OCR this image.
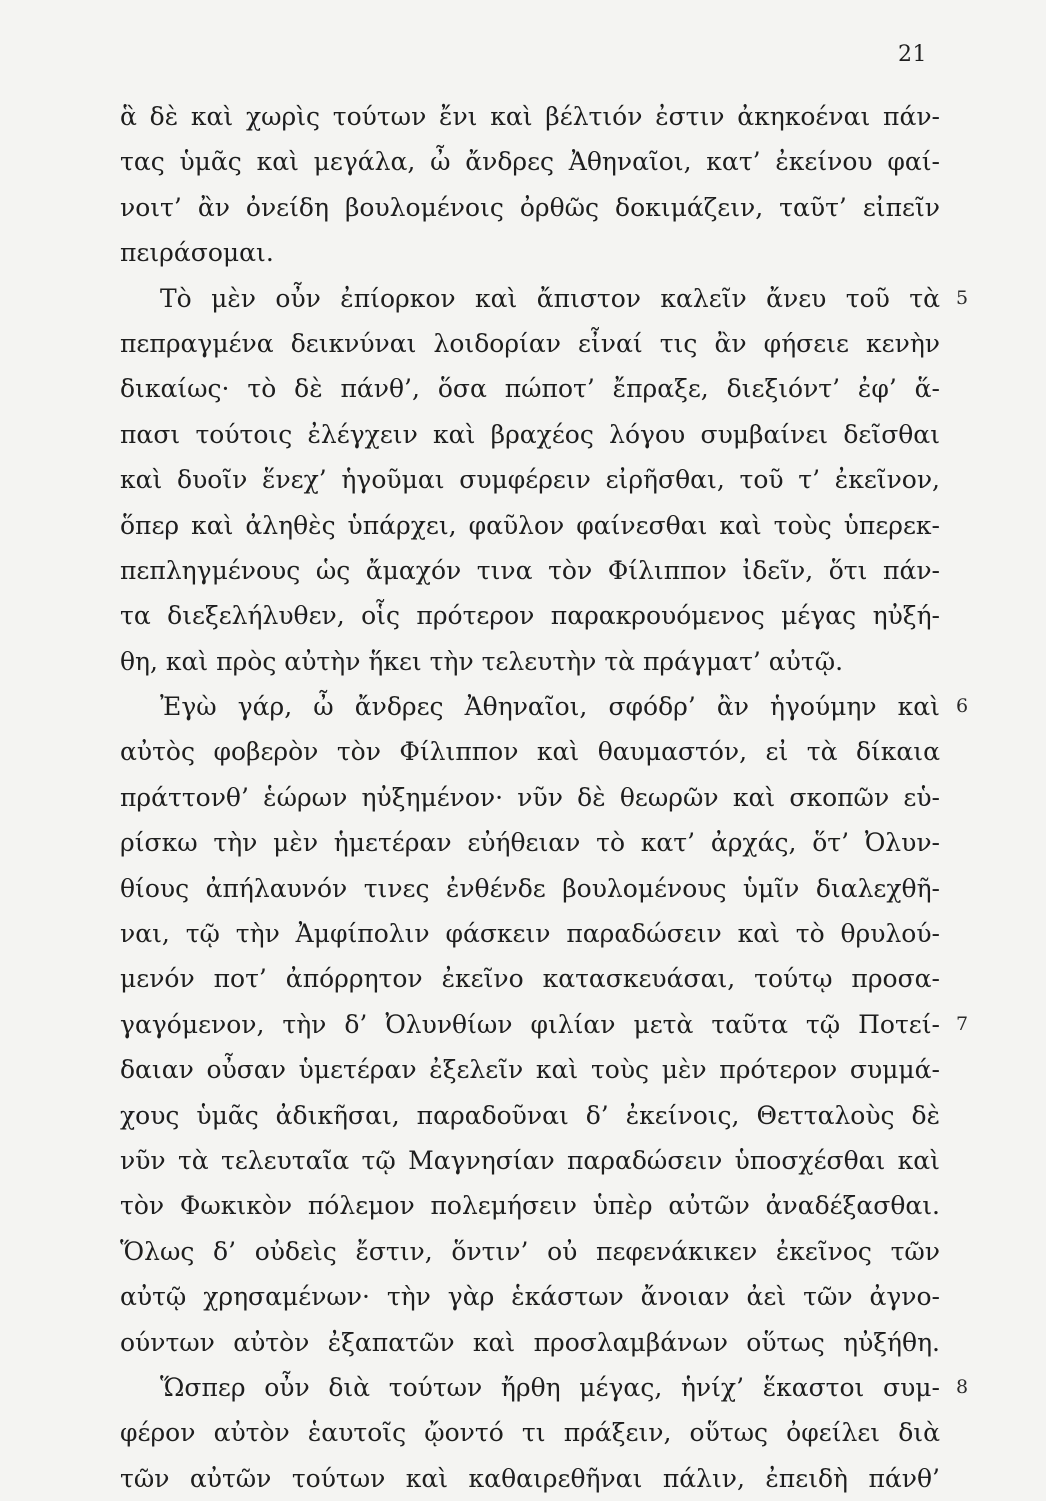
21
ἃ δὲ καὶ χωρὶς τούτων ἔνι καὶ βέλτιόν ἐστιν ἀκηκοέναι πάν-
τας ὑμᾶς καὶ μεγάλα, ὦ ἄνδρες Ἀθηναῖοι, κατ’ ἐκείνου φαί-
νοιτ’ ἂν ὀνείδη βουλομένοις ὀρθῶς δοκιμάζειν, ταῦτ’ εἰπεῖν
πειράσομαι.
Τὸ μὲν οὖν ἐπίορκον καὶ ἄπιστον καλεῖν ἄνευ τοῦ τὰ 5
πεπραγμένα δεικνύναι λοιδορίαν εἶναί τις ἂν φήσειε κενὴν
δικαίως· τὸ δὲ πάνθ’, ὅσα πώποτ’ ἔπραξε, διεξιόντ’ ἐφ’ ἅ-
πασι τούτοις ἐλέγχειν καὶ βραχέος λόγου συμβαίνει δεῖσθαι
καὶ δυοῖν ἕνεχ’ ἡγοῦμαι συμφέρειν εἰρῆσθαι, τοῦ τ’ ἐκεῖνον,
ὅπερ καὶ ἀληθὲς ὑπάρχει, φαῦλον φαίνεσθαι καὶ τοὺς ὑπερεκ-
πεπληγμένους ὡς ἄμαχόν τινα τὸν Φίλιππον ἰδεῖν, ὅτι πάν-
τα διεξελήλυθεν, οἷς πρότερον παρακρουόμενος μέγας ηὐξή-
θη, καὶ πρὸς αὐτὴν ἥκει τὴν τελευτὴν τὰ πράγματ’ αὐτῷ.
Ἐγὼ γάρ, ὦ ἄνδρες Ἀθηναῖοι, σφόδρ’ ἂν ἡγούμην καὶ 6
αὐτὸς φοβερὸν τὸν Φίλιππον καὶ θαυμαστόν, εἰ τὰ δίκαια
πράττονθ’ ἑώρων ηὐξημένον· νῦν δὲ θεωρῶν καὶ σκοπῶν εὑ-
ρίσκω τὴν μὲν ἡμετέραν εὐήθειαν τὸ κατ’ ἀρχάς, ὅτ’ Ὀλυν-
θίους ἀπήλαυνόν τινες ἐνθένδε βουλομένους ὑμῖν διαλεχθῆ-
ναι, τῷ τὴν Ἀμφίπολιν φάσκειν παραδώσειν καὶ τὸ θρυλού-
μενόν ποτ’ ἀπόρρητον ἐκεῖνο κατασκευάσαι, τούτῳ προσα-
γαγόμενον, τὴν δ’ Ὀλυνθίων φιλίαν μετὰ ταῦτα τῷ Ποτεί- 7
δαιαν οὖσαν ὑμετέραν ἐξελεῖν καὶ τοὺς μὲν πρότερον συμμά-
χους ὑμᾶς ἀδικῆσαι, παραδοῦναι δ’ ἐκείνοις, Θετταλοὺς δὲ
νῦν τὰ τελευταῖα τῷ Μαγνησίαν παραδώσειν ὑποσχέσθαι καὶ
τὸν Φωκικὸν πόλεμον πολεμήσειν ὑπὲρ αὐτῶν ἀναδέξασθαι.
Ὅλως δ’ οὐδεὶς ἔστιν, ὅντιν’ οὐ πεφενάκικεν ἐκεῖνος τῶν
αὐτῷ χρησαμένων· τὴν γὰρ ἑκάστων ἄνοιαν ἀεὶ τῶν ἀγνο-
ούντων αὐτὸν ἐξαπατῶν καὶ προσλαμβάνων οὕτως ηὐξήθη.
Ὥσπερ οὖν διὰ τούτων ἤρθη μέγας, ἡνίχ’ ἕκαστοι συμ- 8
φέρον αὐτὸν ἑαυτοῖς ᾤοντό τι πράξειν, οὕτως ὀφείλει διὰ
τῶν αὐτῶν τούτων καὶ καθαιρεθῆναι πάλιν, ἐπειδὴ πάνθ’
